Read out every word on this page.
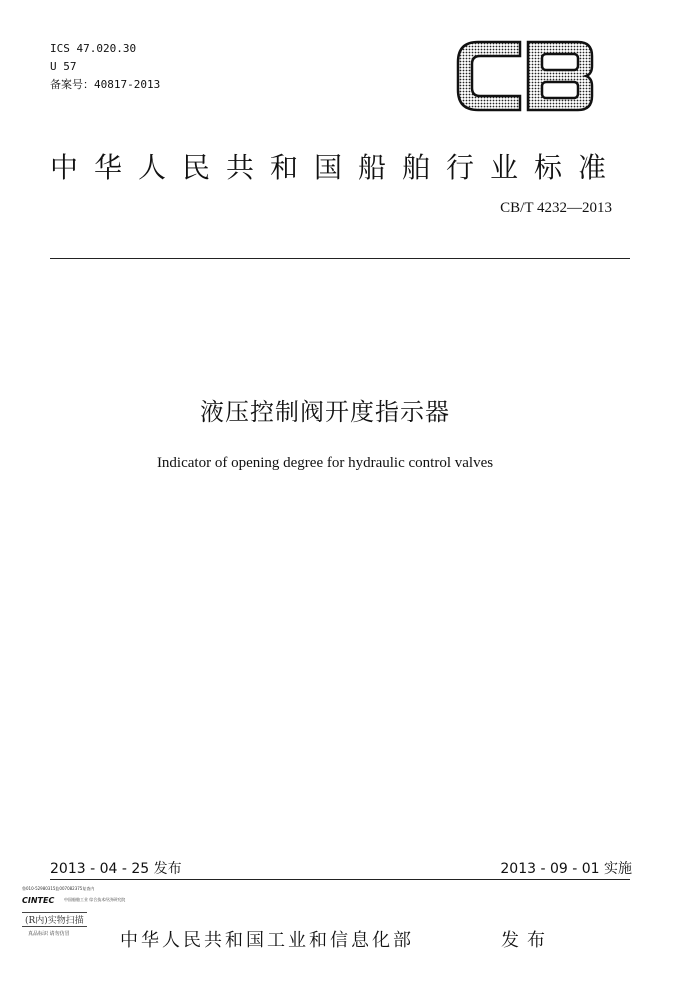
ICS 47.020.30
U 57
备案号：40817-2013
中华人民共和国船舶行业标准
CB/T 4232—2013
液压控制阀开度指示器
Indicator of opening degree for hydraulic control valves
2013 - 04 - 25 发布	2013 - 09 - 01 实施
鲁010-52980315监007082375复查内
CINTEC 中国船舶工业 综合技术经济研究院
(R内)实物扫描
真品标识 请勿仿冒	中华人民共和国工业和信息化部	发布
